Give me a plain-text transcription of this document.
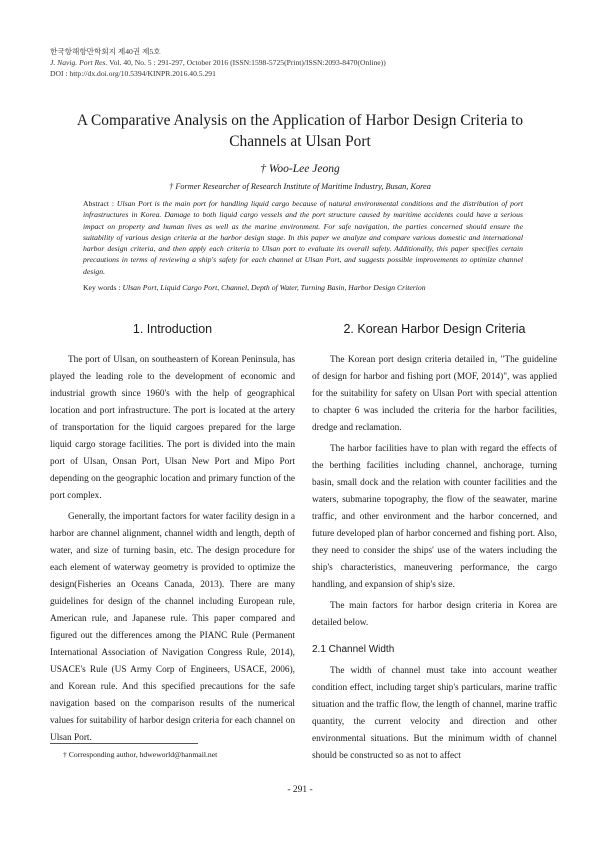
한국항해항만학회지 제40권 제5호
J. Navig. Port Res. Vol. 40, No. 5 : 291-297, October 2016 (ISSN:1598-5725(Print)/ISSN:2093-8470(Online))
DOI : http://dx.doi.org/10.5394/KINPR.2016.40.5.291
A Comparative Analysis on the Application of Harbor Design Criteria to Channels at Ulsan Port
† Woo-Lee Jeong
† Former Researcher of Research Institute of Maritime Industry, Busan, Korea
Abstract : Ulsan Port is the main port for handling liquid cargo because of natural environmental conditions and the distribution of port infrastructures in Korea. Damage to both liquid cargo vessels and the port structure caused by maritime accidents could have a serious impact on property and human lives as well as the marine environment. For safe navigation, the parties concerned should ensure the suitability of various design criteria at the harbor design stage. In this paper we analyze and compare various domestic and international harbor design criteria, and then apply each criteria to Ulsan port to evaluate its overall safety. Additionally, this paper specifies certain precautions in terms of reviewing a ship's safety for each channel at Ulsan Port, and suggests possible improvements to optimize channel design.
Key words : Ulsan Port, Liquid Cargo Port, Channel, Depth of Water, Turning Basin, Harbor Design Criterion
1. Introduction	2. Korean Harbor Design Criteria

The port of Ulsan, on southeastern of Korean Peninsula, has played the leading role to the development of economic and industrial growth since 1960's with the help of geographical location and port infrastructure. The port is located at the artery of transportation for the liquid cargoes prepared for the large liquid cargo storage facilities. The port is divided into the main port of Ulsan, Onsan Port, Ulsan New Port and Mipo Port depending on the geographic location and primary function of the port complex.

Generally, the important factors for water facility design in a harbor are channel alignment, channel width and length, depth of water, and size of turning basin, etc. The design procedure for each element of waterway geometry is provided to optimize the design(Fisheries an Oceans Canada, 2013). There are many guidelines for design of the channel including European rule, American rule, and Japanese rule. This paper compared and figured out the differences among the PIANC Rule (Permanent International Association of Navigation Congress Rule, 2014), USACE's Rule (US Army Corp of Engineers, USACE, 2006), and Korean rule. And this specified precautions for the safe navigation based on the comparison results of the numerical values for suitability of harbor design criteria for each channel on Ulsan Port.

The Korean port design criteria detailed in, "The guideline of design for harbor and fishing port (MOF, 2014)", was applied for the suitability for safety on Ulsan Port with special attention to chapter 6 was included the criteria for the harbor facilities, dredge and reclamation.

The harbor facilities have to plan with regard the effects of the berthing facilities including channel, anchorage, turning basin, small dock and the relation with counter facilities and the waters, submarine topography, the flow of the seawater, marine traffic, and other environment and the harbor concerned, and future developed plan of harbor concerned and fishing port. Also, they need to consider the ships' use of the waters including the ship's characteristics, maneuvering performance, the cargo handling, and expansion of ship's size.

The main factors for harbor design criteria in Korea are detailed below.

2.1 Channel Width

The width of channel must take into account weather condition effect, including target ship's particulars, marine traffic situation and the traffic flow, the length of channel, marine traffic quantity, the current velocity and direction and other environmental situations. But the minimum width of channel should be constructed so as not to affect

† Corresponding author, hdweworld@hanmail.net
- 291 -
